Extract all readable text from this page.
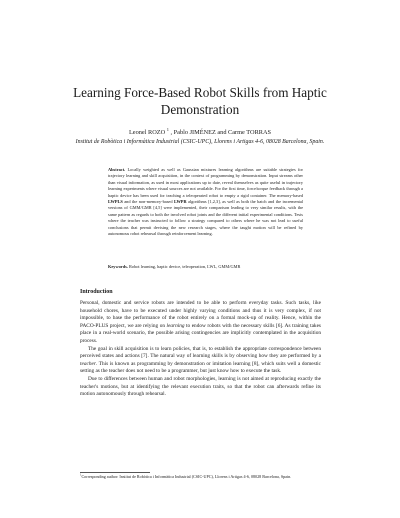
Learning Force-Based Robot Skills from Haptic Demonstration
Leonel ROZO $^1$ , Pablo JIMÉNEZ and Carme TORRAS
Institut de Robòtica i Informàtica Industrial (CSIC-UPC), Llorens i Artigas 4-6, 08028 Barcelona, Spain.
Abstract. Locally weighted as well as Gaussian mixtures learning algorithms are suitable strategies for trajectory learning and skill acquisition, in the context of programming by demonstration. Input streams other than visual information, as used in most applications up to date, reveal themselves as quite useful in trajectory learning experiments where visual sources are not available. For the first time, force/torque feedback through a haptic device has been used for teaching a teleoperated robot to empty a rigid container. The memory-based LWPLS and the non-memory-based LWPR algorithms [1,2,3], as well as both the batch and the incremental versions of GMM/GMR [4,5] were implemented, their comparison leading to very similar results, with the same pattern as regards to both the involved robot joints and the different initial experimental conditions. Tests where the teacher was instructed to follow a strategy compared to others where he was not lead to useful conclusions that permit devising the new research stages, where the taught motion will be refined by autonomous robot rehearsal through reinforcement learning.
Keywords. Robot learning, haptic device, teleoperation, LWL, GMM/GMR
Introduction

Personal, domestic and service robots are intended to be able to perform everyday tasks. Such tasks, like household chores, have to be executed under highly varying conditions and thus it is very complex, if not impossible, to base the performance of the robot entirely on a formal mock-up of reality. Hence, within the PACO-PLUS project, we are relying on learning to endow robots with the necessary skills [6]. As training takes place in a real-world scenario, the possible arising contingencies are implicitly contemplated in the acquisition process.

The goal in skill acquisition is to learn policies, that is, to establish the appropriate correspondence between perceived states and actions [7]. The natural way of learning skills is by observing how they are performed by a teacher. This is known as programming by demonstration or imitation learning [8], which suits well a domestic setting as the teacher does not need to be a programmer, but just know how to execute the task.

Due to differences between human and robot morphologies, learning is not aimed at reproducing exactly the teacher's motions, but at identifying the relevant execution traits, so that the robot can afterwards refine its motion autonomously through rehearsal.

$^1$Corresponding author: Institut de Robòtica i Informàtica Industrial (CSIC-UPC), Llorens i Artigas 4-6, 08028 Barcelona, Spain.
